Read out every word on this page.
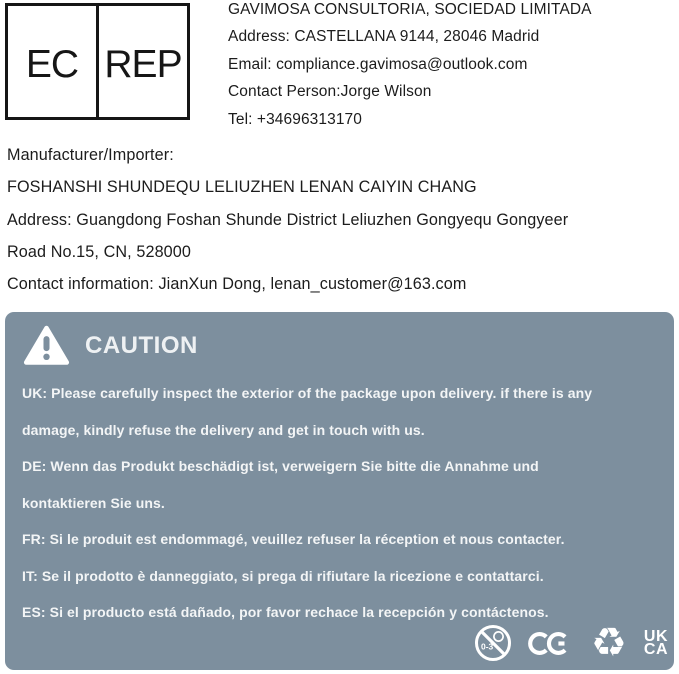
EC REP
GAVIMOSA CONSULTORIA, SOCIEDAD LIMITADA
Address: CASTELLANA 9144, 28046 Madrid
Email: compliance.gavimosa@outlook.com
Contact Person:Jorge Wilson
Tel: +34696313170
Manufacturer/Importer:
FOSHANSHI SHUNDEQU LELIUZHEN LENAN CAIYIN CHANG
Address: Guangdong Foshan Shunde District Leliuzhen Gongyequ Gongyeer
Road No.15, CN, 528000
Contact information: JianXun Dong, lenan_customer@163.com
CAUTION
UK: Please carefully inspect the exterior of the package upon delivery. if there is any
damage, kindly refuse the delivery and get in touch with us.
DE: Wenn das Produkt beschädigt ist, verweigern Sie bitte die Annahme und
kontaktieren Sie uns.
FR: Si le produit est endommagé, veuillez refuser la réception et nous contacter.
IT: Se il prodotto è danneggiato, si prega di rifiutare la ricezione e contattarci.
ES: Si el producto está dañado, por favor rechace la recepción y contáctenos.
0-3 ♻ UK
CA
